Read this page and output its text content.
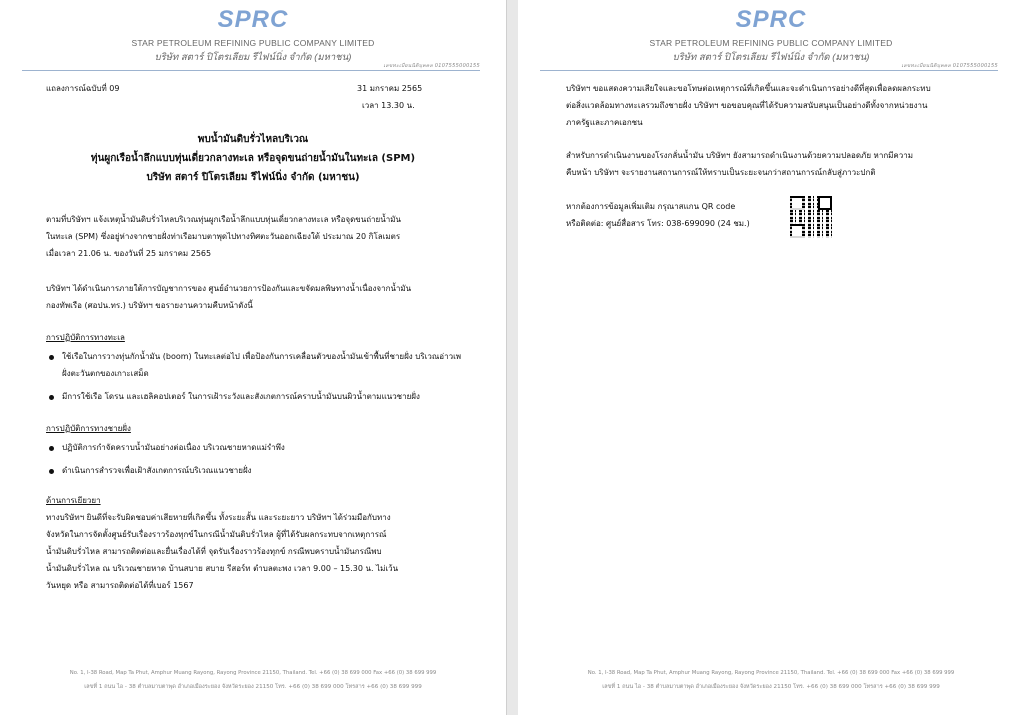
SPRC
STAR PETROLEUM REFINING PUBLIC COMPANY LIMITED
บริษัท สตาร์ ปิโตรเลียม รีไฟน์นิ่ง จำกัด (มหาชน)
เลขทะเบียนนิติบุคคล 0107555000155
แถลงการณ์ฉบับที่ 09	31 มกราคม 2565
เวลา 13.30 น.
พบน้ำมันดิบรั่วไหลบริเวณ
ทุ่นผูกเรือน้ำลึกแบบทุ่นเดี่ยวกลางทะเล หรือจุดขนถ่ายน้ำมันในทะเล (SPM)
บริษัท สตาร์ ปิโตรเลียม รีไฟน์นิ่ง จำกัด (มหาชน)
ตามที่บริษัทฯ แจ้งเหตุน้ำมันดิบรั่วไหลบริเวณทุ่นผูกเรือน้ำลึกแบบทุ่นเดี่ยวกลางทะเล หรือจุดขนถ่ายน้ำมัน
ในทะเล (SPM) ซึ่งอยู่ห่างจากชายฝั่งท่าเรือมาบตาพุดไปทางทิศตะวันออกเฉียงใต้ ประมาณ 20 กิโลเมตร
เมื่อเวลา 21.06 น. ของวันที่ 25 มกราคม 2565
บริษัทฯ ได้ดำเนินการภายใต้การบัญชาการของ ศูนย์อำนวยการป้องกันและขจัดมลพิษทางน้ำเนื่องจากน้ำมัน
กองทัพเรือ (ศอปน.ทร.) บริษัทฯ ขอรายงานความคืบหน้าดังนี้
การปฏิบัติการทางทะเล
ใช้เรือในการวางทุ่นกักน้ำมัน (boom) ในทะเลต่อไป เพื่อป้องกันการเคลื่อนตัวของน้ำมันเข้าพื้นที่ชายฝั่ง บริเวณอ่าวเพ ฝั่งตะวันตกของเกาะเสม็ด
มีการใช้เรือ โดรน และเฮลิคอปเตอร์ ในการเฝ้าระวังและสังเกตการณ์คราบน้ำมันบนผิวน้ำตามแนวชายฝั่ง
การปฏิบัติการทางชายฝั่ง
ปฏิบัติการกำจัดคราบน้ำมันอย่างต่อเนื่อง บริเวณชายหาดแม่รำพึง
ดำเนินการสำรวจเพื่อเฝ้าสังเกตการณ์บริเวณแนวชายฝั่ง
ด้านการเยียวยา
ทางบริษัทฯ ยินดีที่จะรับผิดชอบค่าเสียหายที่เกิดขึ้น ทั้งระยะสั้น และระยะยาว บริษัทฯ ได้ร่วมมือกับทาง
จังหวัดในการจัดตั้งศูนย์รับเรื่องราวร้องทุกข์ในกรณีน้ำมันดิบรั่วไหล ผู้ที่ได้รับผลกระทบจากเหตุการณ์
น้ำมันดิบรั่วไหล สามารถติดต่อและยื่นเรื่องได้ที่ จุดรับเรื่องราวร้องทุกข์ กรณีพบคราบน้ำมันกรณีพบ
น้ำมันดิบรั่วไหล ณ บริเวณชายหาด บ้านสบาย สบาย รีสอร์ท ตำบลตะพง เวลา 9.00 – 15.30 น. ไม่เว้น
วันหยุด หรือ สามารถติดต่อได้ที่เบอร์ 1567
No. 1, I-38 Road, Map Ta Phut, Amphur Muang Rayong, Rayong Province 21150, Thailand. Tel. +66 (0) 38 699 000 Fax +66 (0) 38 699 999
เลขที่ 1 ถนน ไอ - 38 ตำบลมาบตาพุด อำเภอเมืองระยอง จังหวัดระยอง 21150 โทร. +66 (0) 38 699 000 โทรสาร +66 (0) 38 699 999
SPRC
STAR PETROLEUM REFINING PUBLIC COMPANY LIMITED
บริษัท สตาร์ ปิโตรเลียม รีไฟน์นิ่ง จำกัด (มหาชน)
เลขทะเบียนนิติบุคคล 0107555000155
บริษัทฯ ขอแสดงความเสียใจและขอโทษต่อเหตุการณ์ที่เกิดขึ้นและจะดำเนินการอย่างดีที่สุดเพื่อลดผลกระทบ
ต่อสิ่งแวดล้อมทางทะเลรวมถึงชายฝั่ง บริษัทฯ ขอขอบคุณที่ได้รับความสนับสนุนเป็นอย่างดีทั้งจากหน่วยงาน
ภาครัฐและภาคเอกชน
สำหรับการดำเนินงานของโรงกลั่นน้ำมัน บริษัทฯ ยังสามารถดำเนินงานด้วยความปลอดภัย หากมีความ
คืบหน้า บริษัทฯ จะรายงานสถานการณ์ให้ทราบเป็นระยะจนกว่าสถานการณ์กลับสู่ภาวะปกติ
หากต้องการข้อมูลเพิ่มเติม กรุณาสแกน QR code
หรือติดต่อ: ศูนย์สื่อสาร โทร: 038-699090 (24 ชม.)
No. 1, I-38 Road, Map Ta Phut, Amphur Muang Rayong, Rayong Province 21150, Thailand. Tel. +66 (0) 38 699 000 Fax +66 (0) 38 699 999
เลขที่ 1 ถนน ไอ - 38 ตำบลมาบตาพุด อำเภอเมืองระยอง จังหวัดระยอง 21150 โทร. +66 (0) 38 699 000 โทรสาร +66 (0) 38 699 999
